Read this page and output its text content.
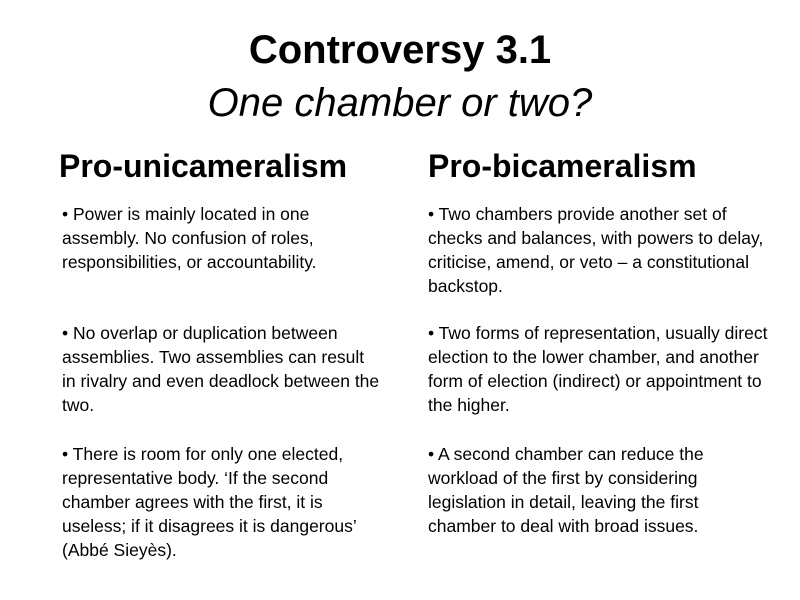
Controversy 3.1
One chamber or two?
Pro-unicameralism	Pro-bicameralism

• Power is mainly located in one assembly. No confusion of roles, responsibilities, or accountability.

• No overlap or duplication between assemblies. Two assemblies can result in rivalry and even deadlock between the two.

• There is room for only one elected, representative body. ‘If the second chamber agrees with the first, it is useless; if it disagrees it is dangerous’ (Abbé Sieyès).

• Two chambers provide another set of checks and balances, with powers to delay, criticise, amend, or veto – a constitutional backstop.

• Two forms of representation, usually direct election to the lower chamber, and another form of election (indirect) or appointment to the higher.

• A second chamber can reduce the workload of the first by considering legislation in detail, leaving the first chamber to deal with broad issues.
